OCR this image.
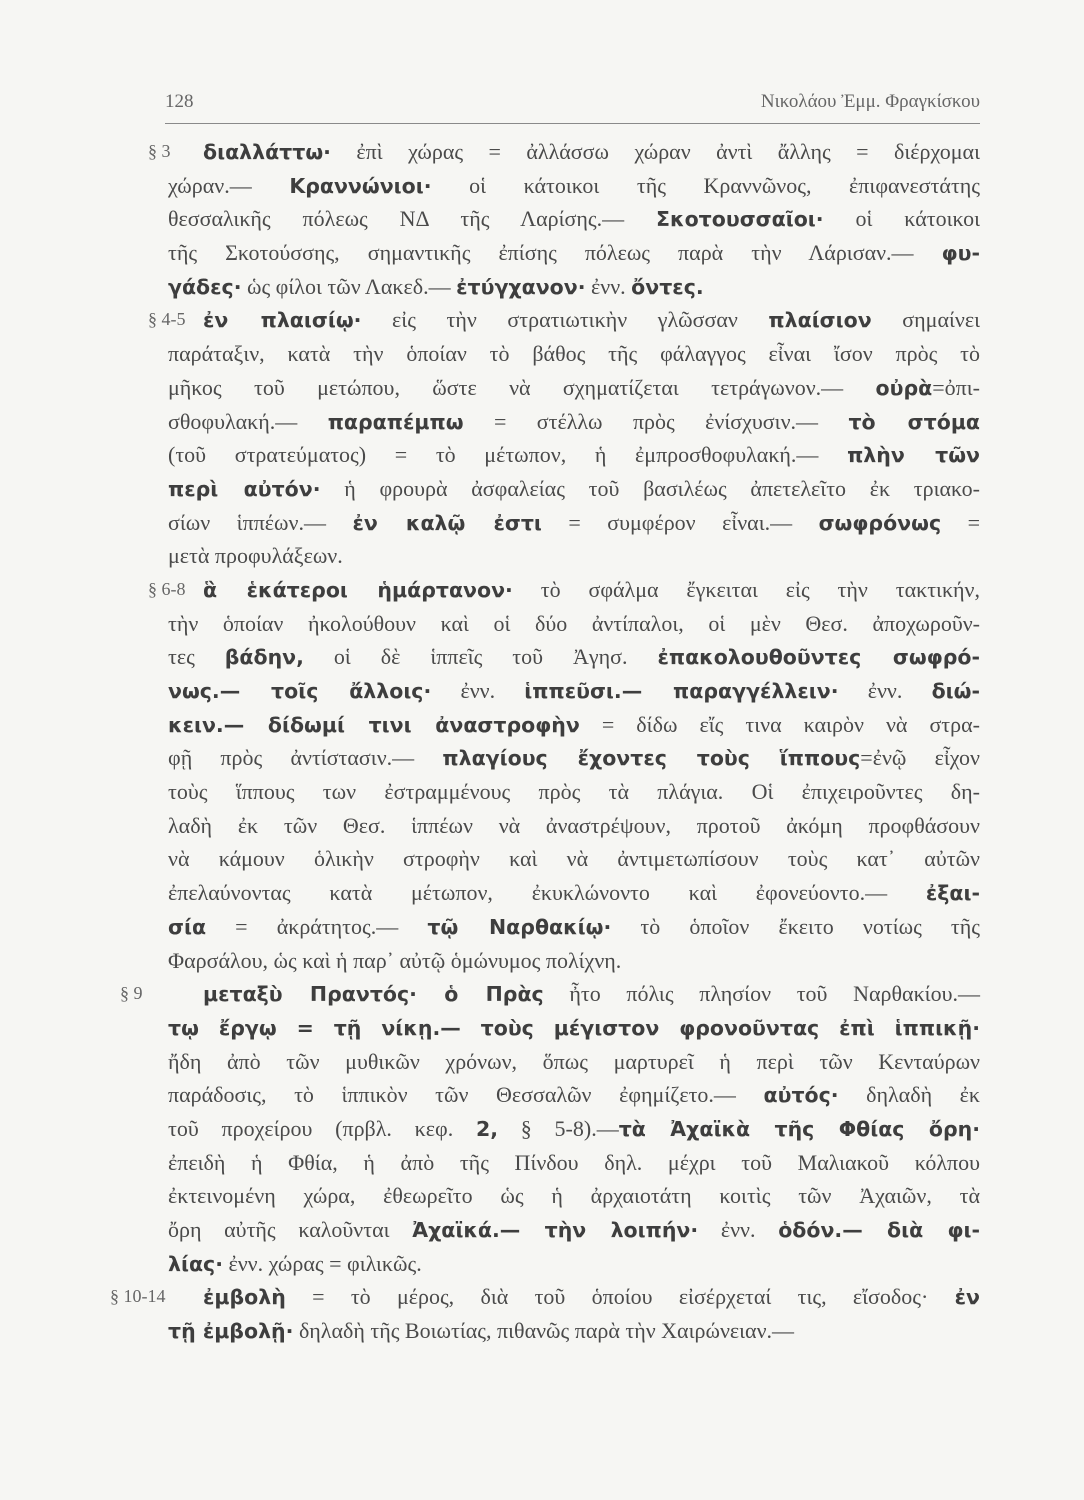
128	Νικολάου Ἐμμ. Φραγκίσκου
§ 3 διαλλάττω· ἐπὶ χώρας = ἀλλάσσω χώραν ἀντὶ ἄλλης = διέρχομαι
χώραν.— Κραννώνιοι· οἱ κάτοικοι τῆς Κραννῶνος, ἐπιφανεστάτης
θεσσαλικῆς πόλεως ΝΔ τῆς Λαρίσης.— Σκοτουσσαῖοι· οἱ κάτοικοι
τῆς Σκοτούσσης, σημαντικῆς ἐπίσης πόλεως παρὰ τὴν Λάρισαν.— φυ-
γάδες· ὡς φίλοι τῶν Λακεδ.— ἐτύγχανον· ἐνν. ὄντες.
§ 4-5 ἐν πλαισίῳ· εἰς τὴν στρατιωτικὴν γλῶσσαν πλαίσιον σημαίνει
παράταξιν, κατὰ τὴν ὁποίαν τὸ βάθος τῆς φάλαγγος εἶναι ἴσον πρὸς τὸ
μῆκος τοῦ μετώπου, ὥστε νὰ σχηματίζεται τετράγωνον.— οὐρὰ=ὀπι-
σθοφυλακή.— παραπέμπω = στέλλω πρὸς ἐνίσχυσιν.— τὸ στόμα
(τοῦ στρατεύματος) = τὸ μέτωπον, ἡ ἐμπροσθοφυλακή.— πλὴν τῶν
περὶ αὐτόν· ἡ φρουρὰ ἀσφαλείας τοῦ βασιλέως ἀπετελεῖτο ἐκ τριακο-
σίων ἱππέων.— ἐν καλῷ ἐστι = συμφέρον εἶναι.— σωφρόνως =
μετὰ προφυλάξεων.
§ 6-8 ἃ ἑκάτεροι ἡμάρτανον· τὸ σφάλμα ἔγκειται εἰς τὴν τακτικήν,
τὴν ὁποίαν ἠκολούθουν καὶ οἱ δύο ἀντίπαλοι, οἱ μὲν Θεσ. ἀποχωροῦν-
τες βάδην, οἱ δὲ ἱππεῖς τοῦ Ἀγησ. ἐπακολουθοῦντες σωφρό-
νως.— τοῖς ἄλλοις· ἐνν. ἱππεῦσι.— παραγγέλλειν· ἐνν. διώ-
κειν.— δίδωμί τινι ἀναστροφὴν = δίδω εἴς τινα καιρὸν νὰ στρα-
φῇ πρὸς ἀντίστασιν.— πλαγίους ἔχοντες τοὺς ἵππους=ἐνῷ εἶχον
τοὺς ἵππους των ἐστραμμένους πρὸς τὰ πλάγια. Οἱ ἐπιχειροῦντες δη-
λαδὴ ἐκ τῶν Θεσ. ἱππέων νὰ ἀναστρέψουν, προτοῦ ἀκόμη προφθάσουν
νὰ κάμουν ὁλικὴν στροφὴν καὶ νὰ ἀντιμετωπίσουν τοὺς κατ᾽ αὐτῶν
ἐπελαύνοντας κατὰ μέτωπον, ἐκυκλώνοντο καὶ ἐφονεύοντο.— ἐξαι-
σία = ἀκράτητος.— τῷ Ναρθακίῳ· τὸ ὁποῖον ἔκειτο νοτίως τῆς
Φαρσάλου, ὡς καὶ ἡ παρ᾽ αὐτῷ ὁμώνυμος πολίχνη.
§ 9	μεταξὺ Πραντός· ὁ Πρὰς ἦτο πόλις πλησίον τοῦ Ναρθακίου.—
τῳ ἔργῳ = τῇ νίκῃ.— τοὺς μέγιστον φρονοῦντας ἐπὶ ἱππικῇ·
ἤδη ἀπὸ τῶν μυθικῶν χρόνων, ὅπως μαρτυρεῖ ἡ περὶ τῶν Κενταύρων
παράδοσις, τὸ ἱππικὸν τῶν Θεσσαλῶν ἐφημίζετο.— αὐτός· δηλαδὴ ἐκ
τοῦ προχείρου (πρβλ. κεφ. 2, § 5-8).—τὰ Ἀχαϊκὰ τῆς Φθίας ὄρη·
ἐπειδὴ ἡ Φθία, ἡ ἀπὸ τῆς Πίνδου δηλ. μέχρι τοῦ Μαλιακοῦ κόλπου
ἐκτεινομένη χώρα, ἐθεωρεῖτο ὡς ἡ ἀρχαιοτάτη κοιτὶς τῶν Ἀχαιῶν, τὰ
ὄρη αὐτῆς καλοῦνται Ἀχαϊκά.— τὴν λοιπήν· ἐνν. ὁδόν.— διὰ φι-
λίας· ἐνν. χώρας = φιλικῶς.
§ 10-14 ἐμβολὴ = τὸ μέρος, διὰ τοῦ ὁποίου εἰσέρχεταί τις, εἴσοδος· ἐν
τῇ ἐμβολῇ· δηλαδὴ τῆς Βοιωτίας, πιθανῶς παρὰ τὴν Χαιρώνειαν.—
